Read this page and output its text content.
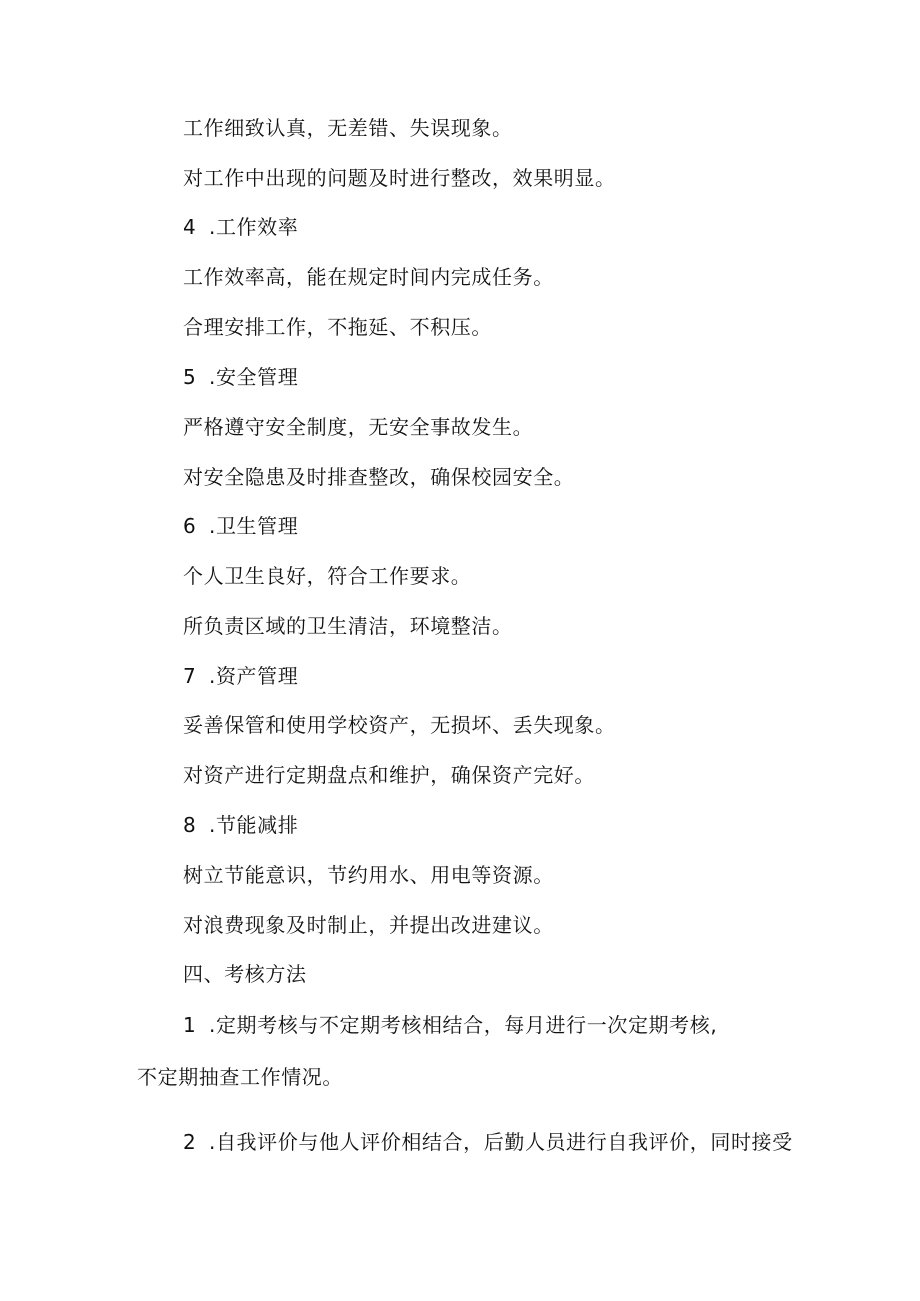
工作细致认真，无差错、失误现象。
对工作中出现的问题及时进行整改，效果明显。
4 .工作效率
工作效率高，能在规定时间内完成任务。
合理安排工作，不拖延、不积压。
5 .安全管理
严格遵守安全制度，无安全事故发生。
对安全隐患及时排查整改，确保校园安全。
6 .卫生管理
个人卫生良好，符合工作要求。
所负责区域的卫生清洁，环境整洁。
7 .资产管理
妥善保管和使用学校资产，无损坏、丢失现象。
对资产进行定期盘点和维护，确保资产完好。
8 .节能减排
树立节能意识，节约用水、用电等资源。
对浪费现象及时制止，并提出改进建议。
四、考核方法
1 .定期考核与不定期考核相结合，每月进行一次定期考核,
不定期抽查工作情况。
2 .自我评价与他人评价相结合，后勤人员进行自我评价，同时接受
